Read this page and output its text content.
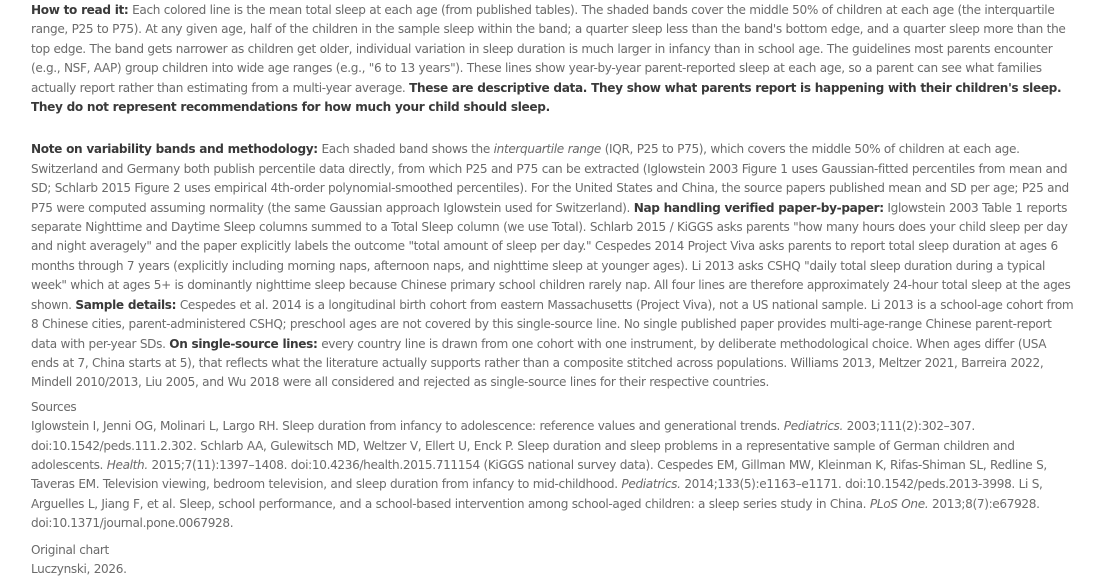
How to read it: Each colored line is the mean total sleep at each age (from published tables). The shaded bands cover the middle 50% of children at each age (the interquartile range, P25 to P75). At any given age, half of the children in the sample sleep within the band; a quarter sleep less than the band's bottom edge, and a quarter sleep more than the top edge. The band gets narrower as children get older, individual variation in sleep duration is much larger in infancy than in school age. The guidelines most parents encounter (e.g., NSF, AAP) group children into wide age ranges (e.g., "6 to 13 years"). These lines show year-by-year parent-reported sleep at each age, so a parent can see what families actually report rather than estimating from a multi-year average. These are descriptive data. They show what parents report is happening with their children's sleep. They do not represent recommendations for how much your child should sleep.

Note on variability bands and methodology: Each shaded band shows the interquartile range (IQR, P25 to P75), which covers the middle 50% of children at each age. Switzerland and Germany both publish percentile data directly, from which P25 and P75 can be extracted (Iglowstein 2003 Figure 1 uses Gaussian-fitted percentiles from mean and SD; Schlarb 2015 Figure 2 uses empirical 4th-order polynomial-smoothed percentiles). For the United States and China, the source papers published mean and SD per age; P25 and P75 were computed assuming normality (the same Gaussian approach Iglowstein used for Switzerland). Nap handling verified paper-by-paper: Iglowstein 2003 Table 1 reports separate Nighttime and Daytime Sleep columns summed to a Total Sleep column (we use Total). Schlarb 2015 / KiGGS asks parents "how many hours does your child sleep per day and night averagely" and the paper explicitly labels the outcome "total amount of sleep per day." Cespedes 2014 Project Viva asks parents to report total sleep duration at ages 6 months through 7 years (explicitly including morning naps, afternoon naps, and nighttime sleep at younger ages). Li 2013 asks CSHQ "daily total sleep duration during a typical week" which at ages 5+ is dominantly nighttime sleep because Chinese primary school children rarely nap. All four lines are therefore approximately 24-hour total sleep at the ages shown. Sample details: Cespedes et al. 2014 is a longitudinal birth cohort from eastern Massachusetts (Project Viva), not a US national sample. Li 2013 is a school-age cohort from 8 Chinese cities, parent-administered CSHQ; preschool ages are not covered by this single-source line. No single published paper provides multi-age-range Chinese parent-report data with per-year SDs. On single-source lines: every country line is drawn from one cohort with one instrument, by deliberate methodological choice. When ages differ (USA ends at 7, China starts at 5), that reflects what the literature actually supports rather than a composite stitched across populations. Williams 2013, Meltzer 2021, Barreira 2022, Mindell 2010/2013, Liu 2005, and Wu 2018 were all considered and rejected as single-source lines for their respective countries.

Sources

Iglowstein I, Jenni OG, Molinari L, Largo RH. Sleep duration from infancy to adolescence: reference values and generational trends. Pediatrics. 2003;111(2):302–307. doi:10.1542/peds.111.2.302. Schlarb AA, Gulewitsch MD, Weltzer V, Ellert U, Enck P. Sleep duration and sleep problems in a representative sample of German children and adolescents. Health. 2015;7(11):1397–1408. doi:10.4236/health.2015.711154 (KiGGS national survey data). Cespedes EM, Gillman MW, Kleinman K, Rifas-Shiman SL, Redline S, Taveras EM. Television viewing, bedroom television, and sleep duration from infancy to mid-childhood. Pediatrics. 2014;133(5):e1163–e1171. doi:10.1542/peds.2013-3998. Li S, Arguelles L, Jiang F, et al. Sleep, school performance, and a school-based intervention among school-aged children: a sleep series study in China. PLoS One. 2013;8(7):e67928. doi:10.1371/journal.pone.0067928.

Original chart

Luczynski, 2026.
